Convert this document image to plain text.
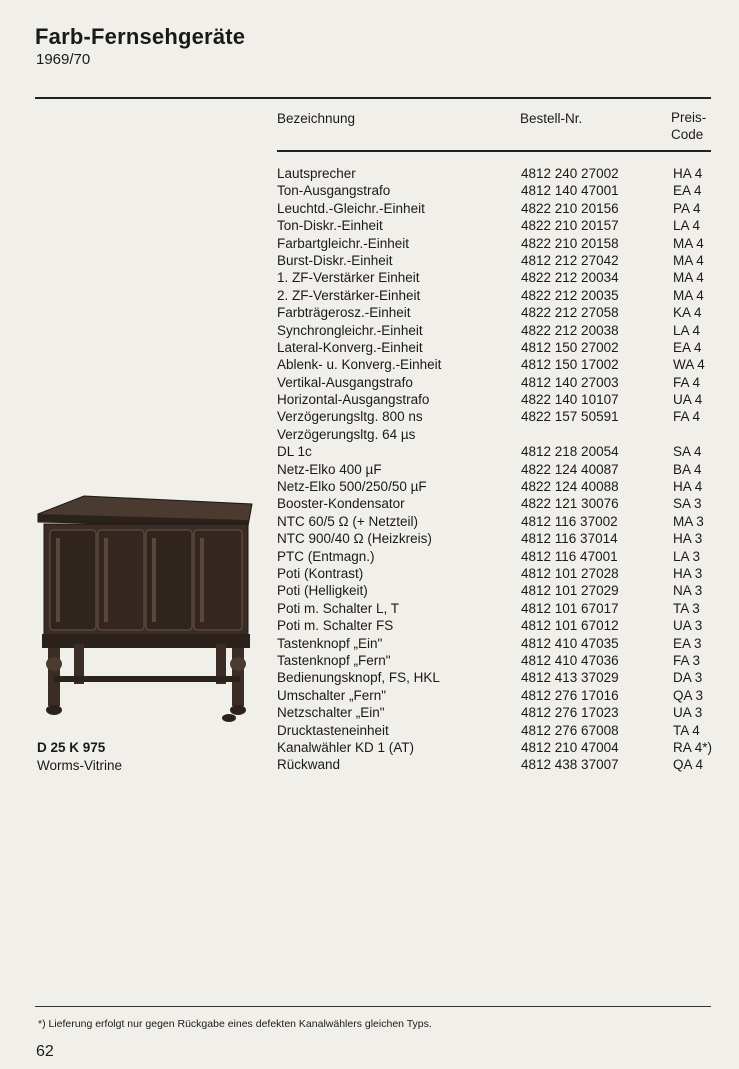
Farb-Fernsehgeräte
1969/70
Bezeichnung	Bestell-Nr.	Preis-
Code
Lautsprecher	4812 240 27002	HA 4
Ton-Ausgangstrafo	4812 140 47001	EA 4
Leuchtd.-Gleichr.-Einheit	4822 210 20156	PA 4
Ton-Diskr.-Einheit	4822 210 20157	LA 4
Farbartgleichr.-Einheit	4822 210 20158	MA 4
Burst-Diskr.-Einheit	4812 212 27042	MA 4
1. ZF-Verstärker Einheit	4822 212 20034	MA 4
2. ZF-Verstärker-Einheit	4822 212 20035	MA 4
Farbträgerosz.-Einheit	4822 212 27058	KA 4
Synchrongleichr.-Einheit	4822 212 20038	LA 4
Lateral-Konverg.-Einheit	4812 150 27002	EA 4
Ablenk- u. Konverg.-Einheit	4812 150 17002	WA 4
Vertikal-Ausgangstrafo	4812 140 27003	FA 4
Horizontal-Ausgangstrafo	4822 140 10107	UA 4
Verzögerungsltg. 800 ns	4822 157 50591	FA 4
Verzögerungsltg. 64 µs
DL 1c	4812 218 20054	SA 4
Netz-Elko 400 µF	4822 124 40087	BA 4
Netz-Elko 500/250/50 µF	4822 124 40088	HA 4
Booster-Kondensator	4822 121 30076	SA 3
NTC 60/5 Ω (+ Netzteil)	4812 116 37002	MA 3
NTC 900/40 Ω (Heizkreis)	4812 116 37014	HA 3
PTC (Entmagn.)	4812 116 47001	LA 3
Poti (Kontrast)	4812 101 27028	HA 3
Poti (Helligkeit)	4812 101 27029	NA 3
Poti m. Schalter L, T	4812 101 67017	TA 3
Poti m. Schalter FS	4812 101 67012	UA 3
Tastenknopf „Ein"	4812 410 47035	EA 3
Tastenknopf „Fern"	4812 410 47036	FA 3
Bedienungsknopf, FS, HKL	4812 413 37029	DA 3
Umschalter „Fern"	4812 276 17016	QA 3
Netzschalter „Ein"	4812 276 17023	UA 3
Drucktasteneinheit	4812 276 67008	TA 4
Kanalwähler KD 1 (AT)	4812 210 47004	RA 4*)
Rückwand	4812 438 37007	QA 4
D 25 K 975
Worms-Vitrine
*) Lieferung erfolgt nur gegen Rückgabe eines defekten Kanalwählers gleichen Typs.
62
